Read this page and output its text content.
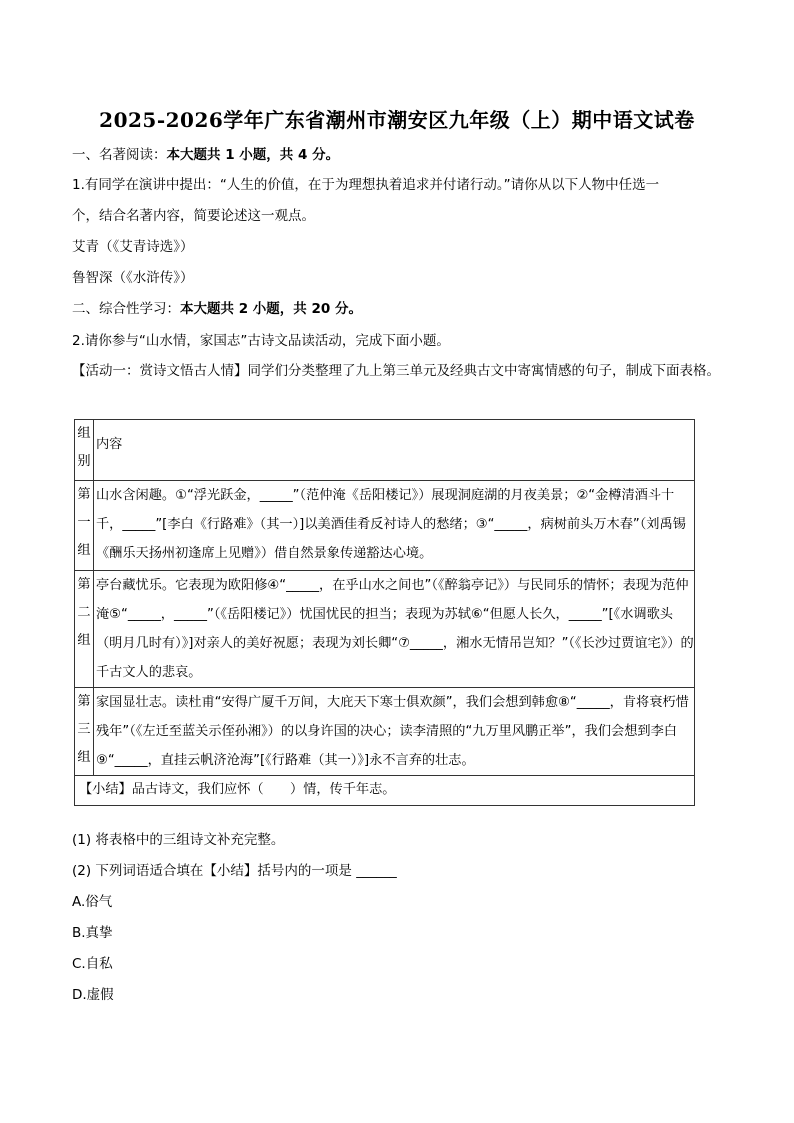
2025-2026学年广东省潮州市潮安区九年级（上）期中语文试卷
一、名著阅读：本大题共 1 小题，共 4 分。
1.有同学在演讲中提出：“人生的价值，在于为理想执着追求并付诸行动。”请你从以下人物中任选一
个，结合名著内容，简要论述这一观点。
艾青（《艾青诗选》）
鲁智深（《水浒传》）
二、综合性学习：本大题共 2 小题，共 20 分。
2.请你参与“山水情，家国志”古诗文品读活动，完成下面小题。
【活动一：赏诗文悟古人情】同学们分类整理了九上第三单元及经典古文中寄寓情感的句子，制成下面表格。
组别	内容
第一组	山水含闲趣。①“浮光跃金，_____”（范仲淹《岳阳楼记》）展现洞庭湖的月夜美景；②“金樽清酒斗十千，_____”[李白《行路难》（其一）]以美酒佳肴反衬诗人的愁绪；③“_____，病树前头万木春”（刘禹锡《酬乐天扬州初逢席上见赠》）借自然景象传递豁达心境。
第二组	亭台藏忧乐。它表现为欧阳修④“_____，在乎山水之间也”（《醉翁亭记》）与民同乐的情怀；表现为范仲淹⑤“_____，_____”（《岳阳楼记》）忧国忧民的担当；表现为苏轼⑥“但愿人长久，_____”[《水调歌头（明月几时有）》]对亲人的美好祝愿；表现为刘长卿“⑦_____，湘水无情吊岂知？”（《长沙过贾谊宅》）的千古文人的悲哀。
第三组	家国显壮志。读杜甫“安得广厦千万间，大庇天下寒士俱欢颜”，我们会想到韩愈⑧“_____，肯将衰朽惜残年”（《左迁至蓝关示侄孙湘》）的以身许国的决心；读李清照的“九万里风鹏正举”，我们会想到李白⑨“_____，直挂云帆济沧海”[《行路难（其一）》]永不言弃的壮志。
【小结】品古诗文，我们应怀（　　）情，传千年志。	
(1) 将表格中的三组诗文补充完整。
(2) 下列词语适合填在【小结】括号内的一项是 ______
A.俗气
B.真挚
C.自私
D.虚假
